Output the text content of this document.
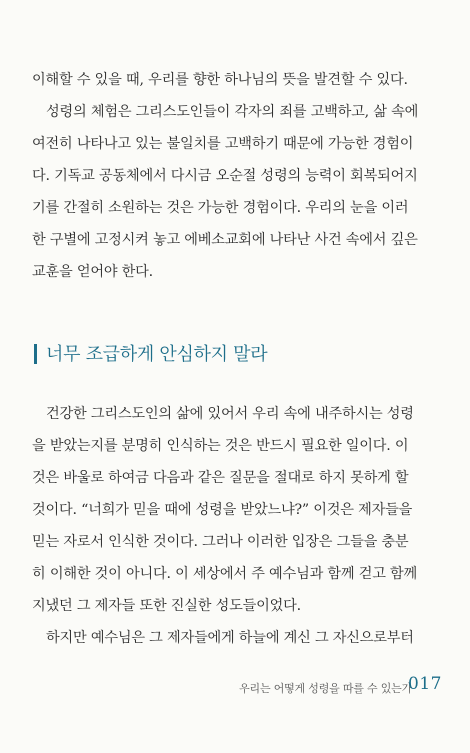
이해할 수 있을 때, 우리를 향한 하나님의 뜻을 발견할 수 있다.

성령의 체험은 그리스도인들이 각자의 죄를 고백하고, 삶 속에
여전히 나타나고 있는 불일치를 고백하기 때문에 가능한 경험이
다. 기독교 공동체에서 다시금 오순절 성령의 능력이 회복되어지
기를 간절히 소원하는 것은 가능한 경험이다. 우리의 눈을 이러
한 구별에 고정시켜 놓고 에베소교회에 나타난 사건 속에서 깊은
교훈을 얻어야 한다.

너무 조급하게 안심하지 말라

건강한 그리스도인의 삶에 있어서 우리 속에 내주하시는 성령
을 받았는지를 분명히 인식하는 것은 반드시 필요한 일이다. 이
것은 바울로 하여금 다음과 같은 질문을 절대로 하지 못하게 할
것이다. “너희가 믿을 때에 성령을 받았느냐?” 이것은 제자들을
믿는 자로서 인식한 것이다. 그러나 이러한 입장은 그들을 충분
히 이해한 것이 아니다. 이 세상에서 주 예수님과 함께 걷고 함께
지냈던 그 제자들 또한 진실한 성도들이었다.

하지만 예수님은 그 제자들에게 하늘에 계신 그 자신으로부터

우리는 어떻게 성령을 따를 수 있는가
017
